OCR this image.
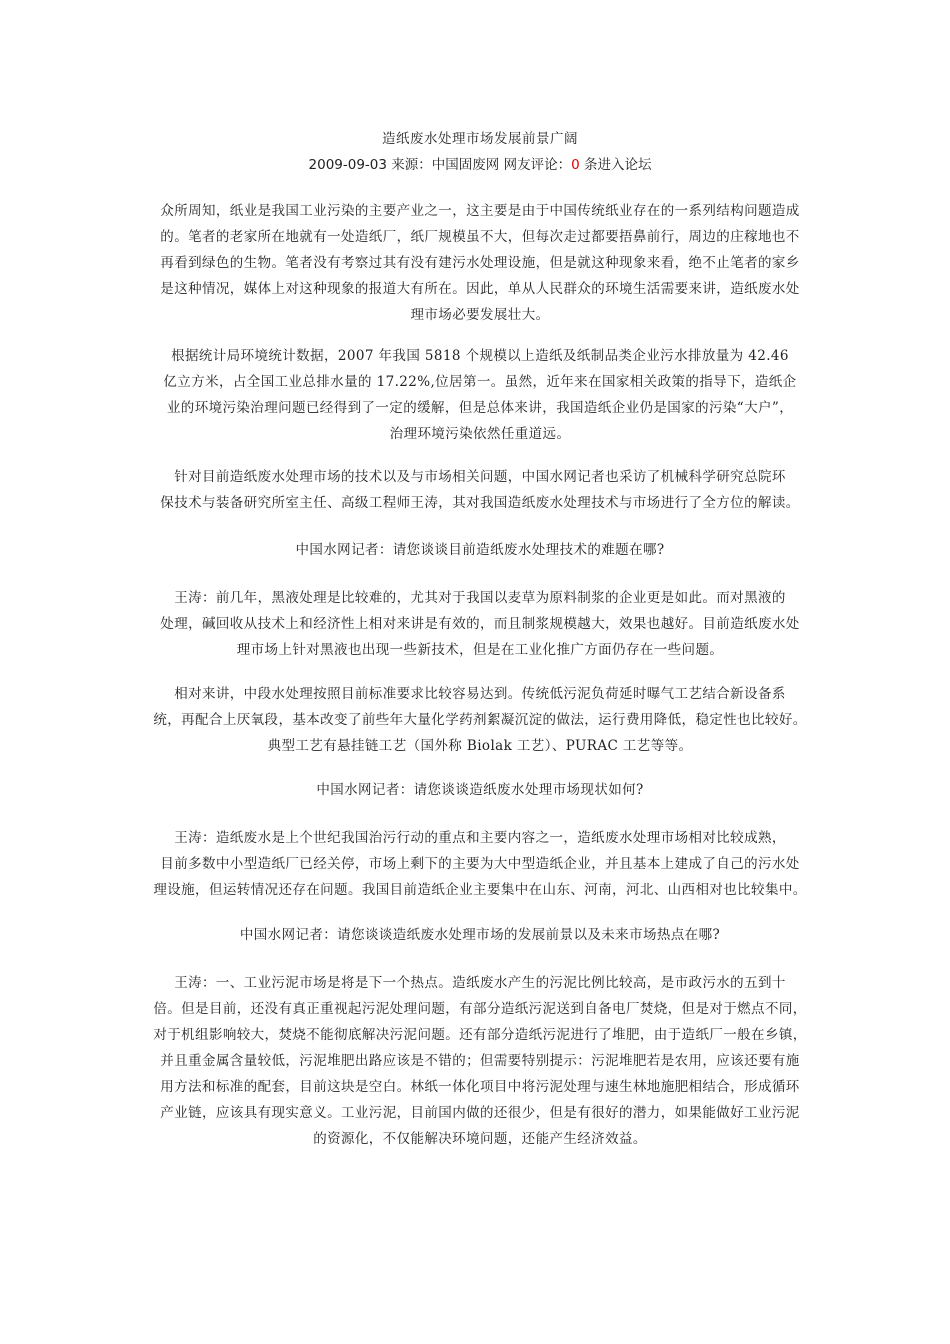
造纸废水处理市场发展前景广阔
2009-09-03 来源：中国固废网 网友评论：0 条进入论坛
众所周知，纸业是我国工业污染的主要产业之一，这主要是由于中国传统纸业存在的一系列结构问题造成
的。笔者的老家所在地就有一处造纸厂，纸厂规模虽不大，但每次走过都要捂鼻前行，周边的庄稼地也不
再看到绿色的生物。笔者没有考察过其有没有建污水处理设施，但是就这种现象来看，绝不止笔者的家乡
是这种情况，媒体上对这种现象的报道大有所在。因此，单从人民群众的环境生活需要来讲，造纸废水处
理市场必要发展壮大。
根据统计局环境统计数据，2007 年我国 5818 个规模以上造纸及纸制品类企业污水排放量为 42.46
亿立方米，占全国工业总排水量的 17.22%,位居第一。虽然，近年来在国家相关政策的指导下，造纸企
业的环境污染治理问题已经得到了一定的缓解，但是总体来讲，我国造纸企业仍是国家的污染“大户”，
治理环境污染依然任重道远。
针对目前造纸废水处理市场的技术以及与市场相关问题，中国水网记者也采访了机械科学研究总院环
保技术与装备研究所室主任、高级工程师王涛，其对我国造纸废水处理技术与市场进行了全方位的解读。
中国水网记者：请您谈谈目前造纸废水处理技术的难题在哪?
王涛：前几年，黑液处理是比较难的，尤其对于我国以麦草为原料制浆的企业更是如此。而对黑液的
处理，碱回收从技术上和经济性上相对来讲是有效的，而且制浆规模越大，效果也越好。目前造纸废水处
理市场上针对黑液也出现一些新技术，但是在工业化推广方面仍存在一些问题。
相对来讲，中段水处理按照目前标准要求比较容易达到。传统低污泥负荷延时曝气工艺结合新设备系
统，再配合上厌氧段，基本改变了前些年大量化学药剂絮凝沉淀的做法，运行费用降低，稳定性也比较好。
典型工艺有悬挂链工艺（国外称 Biolak 工艺）、PURAC 工艺等等。
中国水网记者：请您谈谈造纸废水处理市场现状如何?
王涛：造纸废水是上个世纪我国治污行动的重点和主要内容之一，造纸废水处理市场相对比较成熟，
目前多数中小型造纸厂已经关停，市场上剩下的主要为大中型造纸企业，并且基本上建成了自己的污水处
理设施，但运转情况还存在问题。我国目前造纸企业主要集中在山东、河南，河北、山西相对也比较集中。
中国水网记者：请您谈谈造纸废水处理市场的发展前景以及未来市场热点在哪?
王涛：一、工业污泥市场是将是下一个热点。造纸废水产生的污泥比例比较高，是市政污水的五到十
倍。但是目前，还没有真正重视起污泥处理问题，有部分造纸污泥送到自备电厂焚烧，但是对于燃点不同，
对于机组影响较大，焚烧不能彻底解决污泥问题。还有部分造纸污泥进行了堆肥，由于造纸厂一般在乡镇，
并且重金属含量较低，污泥堆肥出路应该是不错的；但需要特别提示：污泥堆肥若是农用，应该还要有施
用方法和标准的配套，目前这块是空白。林纸一体化项目中将污泥处理与速生林地施肥相结合，形成循环
产业链，应该具有现实意义。工业污泥，目前国内做的还很少，但是有很好的潜力，如果能做好工业污泥
的资源化，不仅能解决环境问题，还能产生经济效益。
